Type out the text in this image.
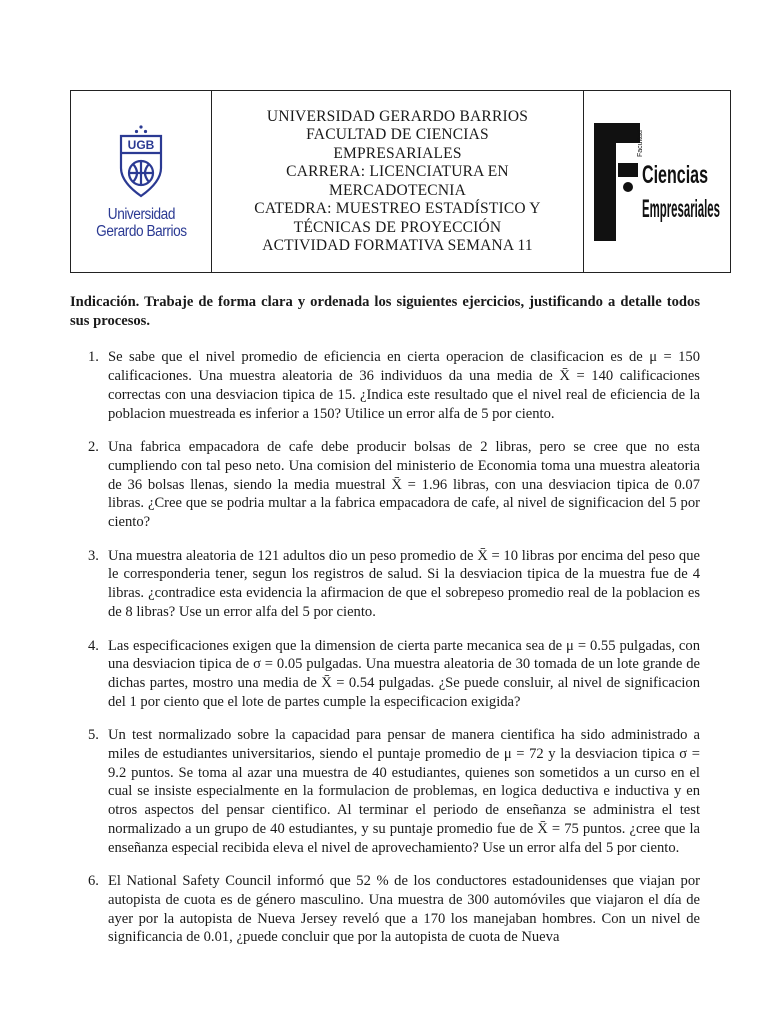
UGB
Universidad
Gerardo Barrios
UNIVERSIDAD GERARDO BARRIOS
FACULTAD DE CIENCIAS
EMPRESARIALES
CARRERA: LICENCIATURA EN
MERCADOTECNIA
CATEDRA: MUESTREO ESTADÍSTICO Y
TÉCNICAS DE PROYECCIÓN
ACTIVIDAD FORMATIVA SEMANA 11
Facultad
Ciencias
Empresariales

Indicación. Trabaje de forma clara y ordenada los siguientes ejercicios, justificando a detalle todos sus procesos.

1. Se sabe que el nivel promedio de eficiencia en cierta operacion de clasificacion es de μ = 150 calificaciones. Una muestra aleatoria de 36 individuos da una media de X̄ = 140 calificaciones correctas con una desviacion tipica de 15. ¿Indica este resultado que el nivel real de eficiencia de la poblacion muestreada es inferior a 150? Utilice un error alfa de 5 por ciento.
2. Una fabrica empacadora de cafe debe producir bolsas de 2 libras, pero se cree que no esta cumpliendo con tal peso neto. Una comision del ministerio de Economia toma una muestra aleatoria de 36 bolsas llenas, siendo la media muestral X̄ = 1.96 libras, con una desviacion tipica de 0.07 libras. ¿Cree que se podria multar a la fabrica empacadora de cafe, al nivel de significacion del 5 por ciento?
3. Una muestra aleatoria de 121 adultos dio un peso promedio de X̄ = 10 libras por encima del peso que le corresponderia tener, segun los registros de salud. Si la desviacion tipica de la muestra fue de 4 libras. ¿contradice esta evidencia la afirmacion de que el sobrepeso promedio real de la poblacion es de 8 libras? Use un error alfa del 5 por ciento.
4. Las especificaciones exigen que la dimension de cierta parte mecanica sea de μ = 0.55 pulgadas, con una desviacion tipica de σ = 0.05 pulgadas. Una muestra aleatoria de 30 tomada de un lote grande de dichas partes, mostro una media de X̄ = 0.54 pulgadas. ¿Se puede consluir, al nivel de significacion del 1 por ciento que el lote de partes cumple la especificacion exigida?
5. Un test normalizado sobre la capacidad para pensar de manera cientifica ha sido administrado a miles de estudiantes universitarios, siendo el puntaje promedio de μ = 72 y la desviacion tipica σ = 9.2 puntos. Se toma al azar una muestra de 40 estudiantes, quienes son sometidos a un curso en el cual se insiste especialmente en la formulacion de problemas, en logica deductiva e inductiva y en otros aspectos del pensar cientifico. Al terminar el periodo de enseñanza se administra el test normalizado a un grupo de 40 estudiantes, y su puntaje promedio fue de X̄ = 75 puntos. ¿cree que la enseñanza especial recibida eleva el nivel de aprovechamiento? Use un error alfa del 5 por ciento.
6. El National Safety Council informó que 52 % de los conductores estadounidenses que viajan por autopista de cuota es de género masculino. Una muestra de 300 automóviles que viajaron el día de ayer por la autopista de Nueva Jersey reveló que a 170 los manejaban hombres. Con un nivel de significancia de 0.01, ¿puede concluir que por la autopista de cuota de Nueva
